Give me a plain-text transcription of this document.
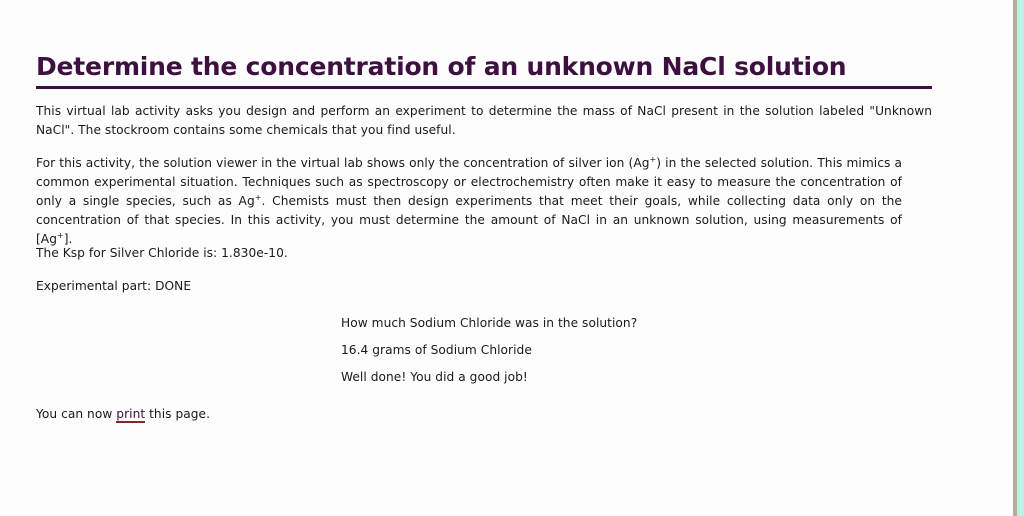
Determine the concentration of an unknown NaCl solution

This virtual lab activity asks you design and perform an experiment to determine the mass of NaCl present in the solution labeled "Unknown NaCl". The stockroom contains some chemicals that you find useful.

For this activity, the solution viewer in the virtual lab shows only the concentration of silver ion (Ag+) in the selected solution. This mimics a common experimental situation. Techniques such as spectroscopy or electrochemistry often make it easy to measure the concentration of only a single species, such as Ag+. Chemists must then design experiments that meet their goals, while collecting data only on the concentration of that species. In this activity, you must determine the amount of NaCl in an unknown solution, using measurements of [Ag+].

The Ksp for Silver Chloride is: 1.830e-10.

Experimental part: DONE

How much Sodium Chloride was in the solution?

16.4 grams of Sodium Chloride

Well done! You did a good job!

You can now print this page.
